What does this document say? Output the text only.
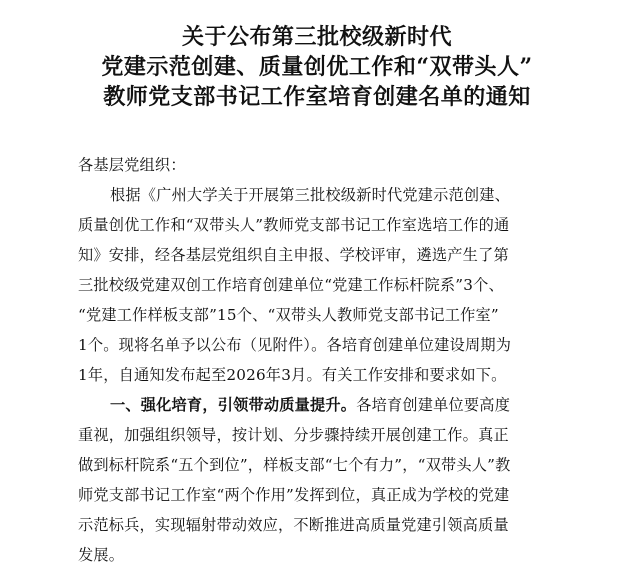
关于公布第三批校级新时代
党建示范创建、质量创优工作和“双带头人”
教师党支部书记工作室培育创建名单的通知
各基层党组织：
根据《广州大学关于开展第三批校级新时代党建示范创建、
质量创优工作和“双带头人”教师党支部书记工作室选培工作的通
知》安排，经各基层党组织自主申报、学校评审，遴选产生了第
三批校级党建双创工作培育创建单位“党建工作标杆院系”3个、
“党建工作样板支部”15个、“双带头人教师党支部书记工作室”
1个。现将名单予以公布（见附件）。各培育创建单位建设周期为
1年，自通知发布起至2026年3月。有关工作安排和要求如下。
一、强化培育，引领带动质量提升。各培育创建单位要高度
重视，加强组织领导，按计划、分步骤持续开展创建工作。真正
做到标杆院系“五个到位”，样板支部“七个有力”，“双带头人”教
师党支部书记工作室“两个作用”发挥到位，真正成为学校的党建
示范标兵，实现辐射带动效应，不断推进高质量党建引领高质量
发展。
